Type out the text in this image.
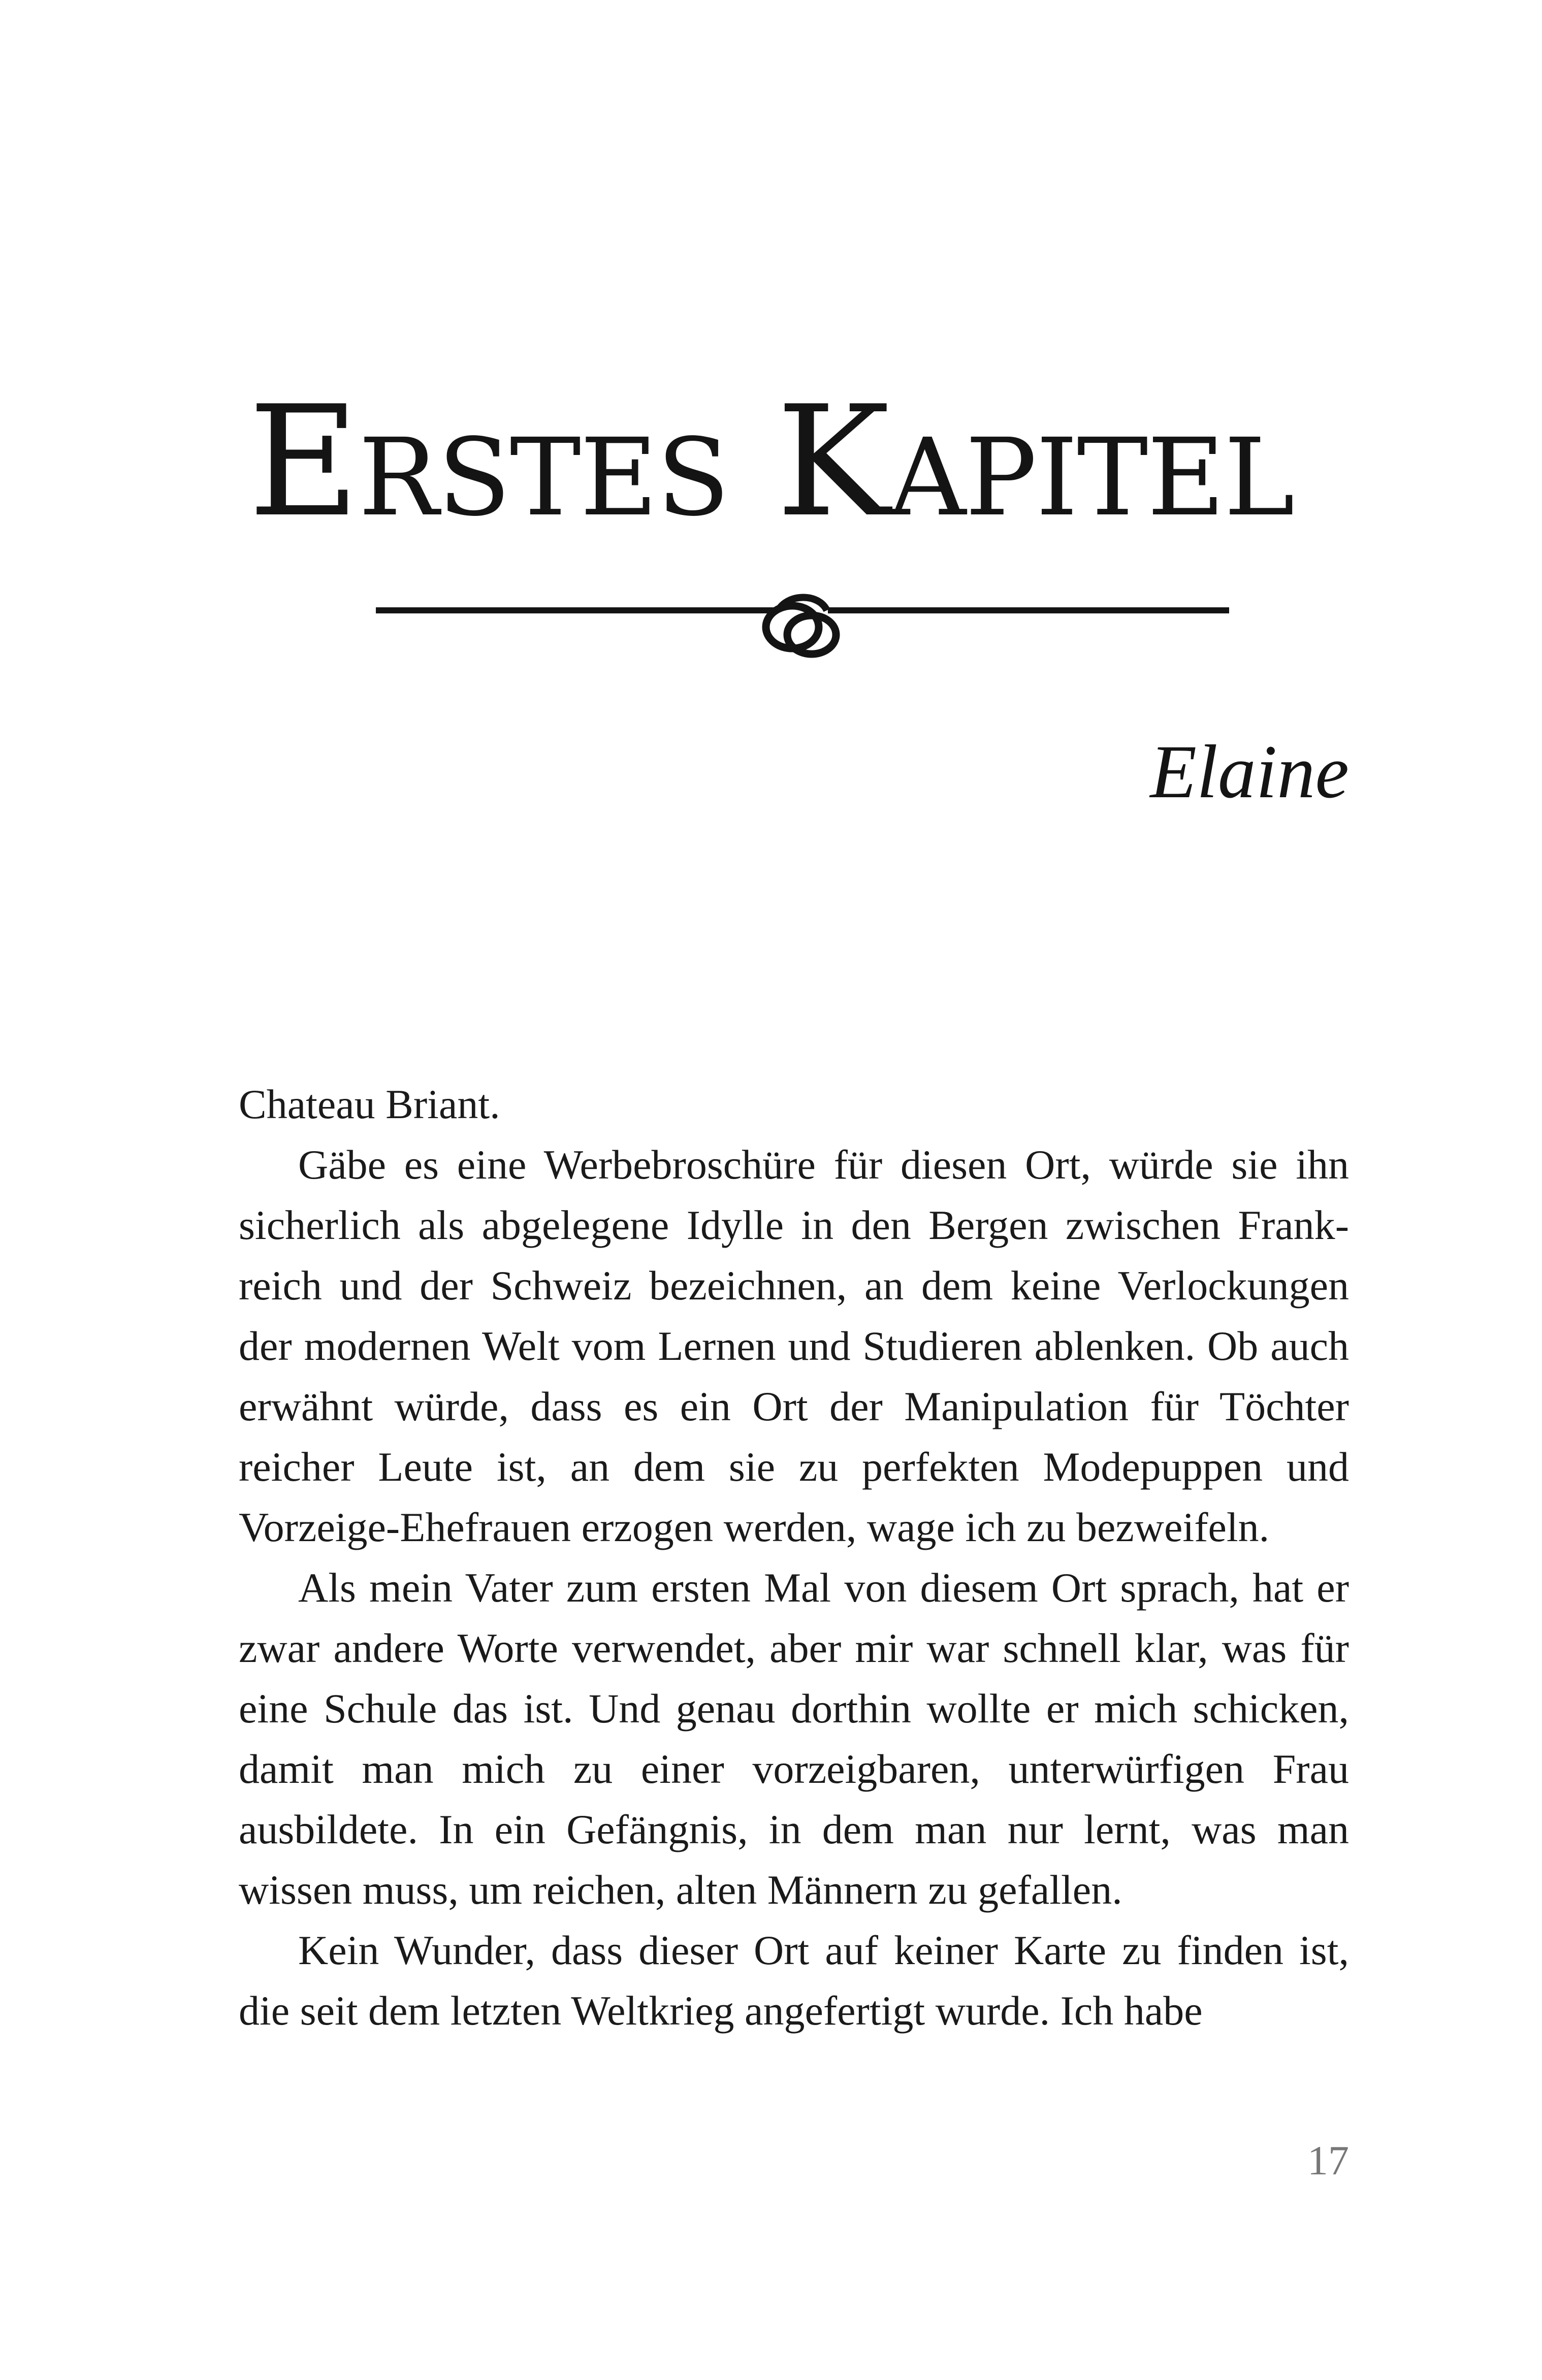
Erstes Kapitel
Elaine

Chateau Briant.

Gäbe es eine Werbebroschüre für diesen Ort, würde sie ihn sicherlich als abgelegene Idylle in den Bergen zwischen Frankreich und der Schweiz bezeichnen, an dem keine Verlockungen der modernen Welt vom Lernen und Studieren ablenken. Ob auch erwähnt würde, dass es ein Ort der Manipulation für Töchter reicher Leute ist, an dem sie zu perfekten Modepuppen und Vorzeige-Ehefrauen erzogen werden, wage ich zu bezweifeln.

Als mein Vater zum ersten Mal von diesem Ort sprach, hat er zwar andere Worte verwendet, aber mir war schnell klar, was für eine Schule das ist. Und genau dorthin wollte er mich schicken, damit man mich zu einer vorzeigbaren, unterwürfigen Frau ausbildete. In ein Gefängnis, in dem man nur lernt, was man wissen muss, um reichen, alten Männern zu gefallen.

Kein Wunder, dass dieser Ort auf keiner Karte zu finden ist, die seit dem letzten Weltkrieg angefertigt wurde. Ich habe

17
